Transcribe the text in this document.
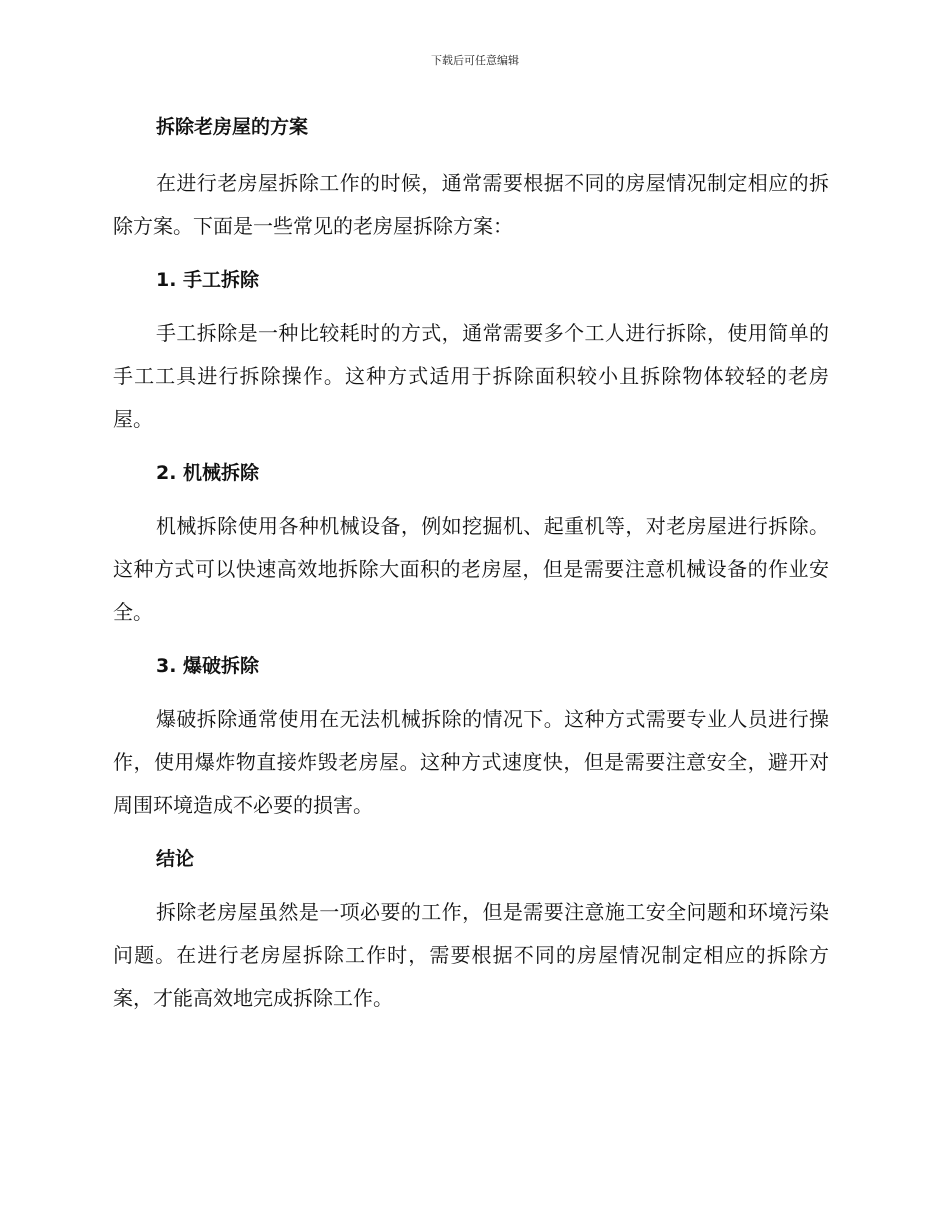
下载后可任意编辑
拆除老房屋的方案

在进行老房屋拆除工作的时候，通常需要根据不同的房屋情况制定相应的拆除方案。下面是一些常见的老房屋拆除方案：

1. 手工拆除

手工拆除是一种比较耗时的方式，通常需要多个工人进行拆除，使用简单的手工工具进行拆除操作。这种方式适用于拆除面积较小且拆除物体较轻的老房屋。

2. 机械拆除

机械拆除使用各种机械设备，例如挖掘机、起重机等，对老房屋进行拆除。这种方式可以快速高效地拆除大面积的老房屋，但是需要注意机械设备的作业安全。

3. 爆破拆除

爆破拆除通常使用在无法机械拆除的情况下。这种方式需要专业人员进行操作，使用爆炸物直接炸毁老房屋。这种方式速度快，但是需要注意安全，避开对周围环境造成不必要的损害。

结论

拆除老房屋虽然是一项必要的工作，但是需要注意施工安全问题和环境污染问题。在进行老房屋拆除工作时，需要根据不同的房屋情况制定相应的拆除方案，才能高效地完成拆除工作。
